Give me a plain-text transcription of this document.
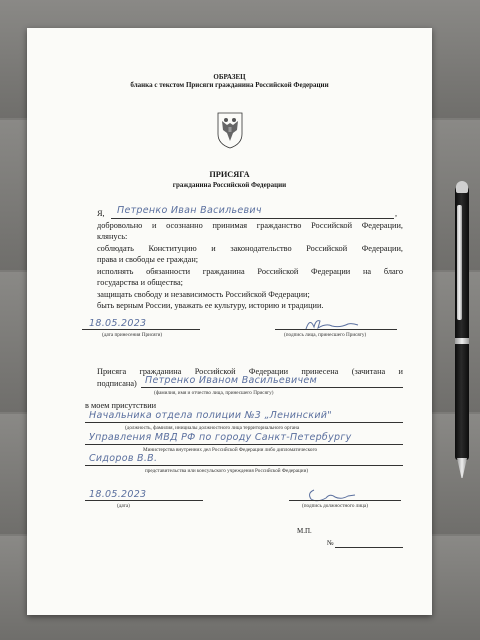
ОБРАЗЕЦ
бланка с текстом Присяги гражданина Российской Федерации
ПРИСЯГА
гражданина Российской Федерации
Я, Петренко Иван Васильевич	,
добровольно и осознанно принимая гражданство Российской Федерации,
клянусь:
соблюдать Конституцию и законодательство Российской Федерации,
права и свободы ее граждан;
исполнять обязанности гражданина Российской Федерации на благо
государства и общества;
защищать свободу и независимость Российской Федерации;
быть верным России, уважать ее культуру, историю и традиции.
18.05.2023
(дата принесения Присяги)	(подпись лица, принесшего Присягу)
Присяга гражданина Российской Федерации принесена (зачитана и
подписана) Петренко Иваном Васильевичем
(фамилия, имя и отчество лица, принесшего Присягу)
в моем присутствии
Начальника отдела полиции №3 „Ленинский"
(должность, фамилия, инициалы должностного лица территориального органа
Управления МВД РФ по городу Санкт-Петербургу
Министерства внутренних дел Российской Федерации либо дипломатического
Сидоров В.В.
представительства или консульского учреждения Российской Федерации)
18.05.2023
(дата)	(подпись должностного лица)
М.П.
№
